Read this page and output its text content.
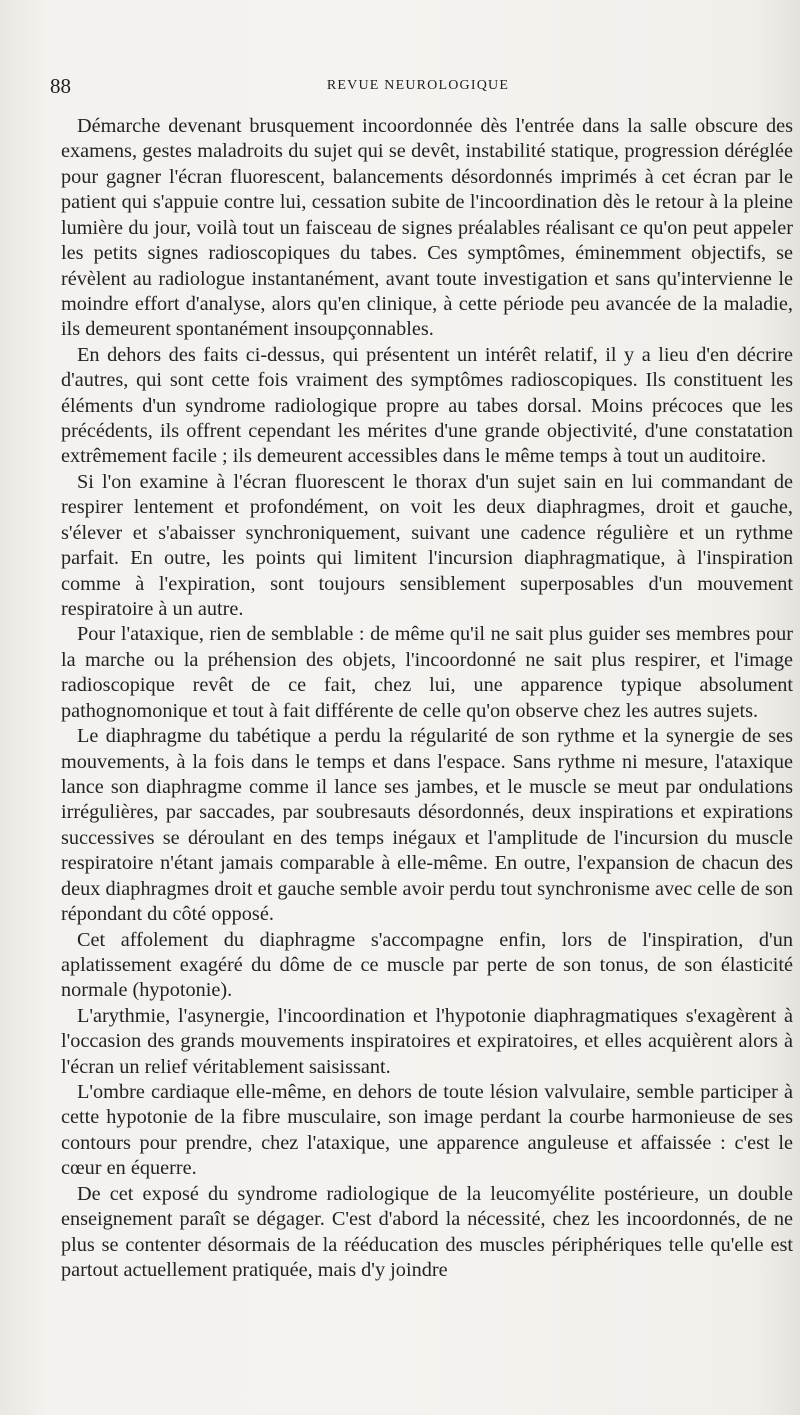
88	REVUE NEUROLOGIQUE

Démarche devenant brusquement incoordonnée dès l'entrée dans la salle obscure des examens, gestes maladroits du sujet qui se devêt, instabilité statique, progression déréglée pour gagner l'écran fluorescent, balancements désordonnés imprimés à cet écran par le patient qui s'appuie contre lui, cessation subite de l'incoordination dès le retour à la pleine lumière du jour, voilà tout un faisceau de signes préalables réalisant ce qu'on peut appeler les petits signes radioscopiques du tabes. Ces symptômes, éminemment objectifs, se révèlent au radiologue instantanément, avant toute investigation et sans qu'intervienne le moindre effort d'analyse, alors qu'en clinique, à cette période peu avancée de la maladie, ils demeurent spontanément insoupçonnables.

En dehors des faits ci-dessus, qui présentent un intérêt relatif, il y a lieu d'en décrire d'autres, qui sont cette fois vraiment des symptômes radioscopiques. Ils constituent les éléments d'un syndrome radiologique propre au tabes dorsal. Moins précoces que les précédents, ils offrent cependant les mérites d'une grande objectivité, d'une constatation extrêmement facile ; ils demeurent accessibles dans le même temps à tout un auditoire.

Si l'on examine à l'écran fluorescent le thorax d'un sujet sain en lui commandant de respirer lentement et profondément, on voit les deux diaphragmes, droit et gauche, s'élever et s'abaisser synchroniquement, suivant une cadence régulière et un rythme parfait. En outre, les points qui limitent l'incursion diaphragmatique, à l'inspiration comme à l'expiration, sont toujours sensiblement superposables d'un mouvement respiratoire à un autre.

Pour l'ataxique, rien de semblable : de même qu'il ne sait plus guider ses membres pour la marche ou la préhension des objets, l'incoordonné ne sait plus respirer, et l'image radioscopique revêt de ce fait, chez lui, une apparence typique absolument pathognomonique et tout à fait différente de celle qu'on observe chez les autres sujets.

Le diaphragme du tabétique a perdu la régularité de son rythme et la synergie de ses mouvements, à la fois dans le temps et dans l'espace. Sans rythme ni mesure, l'ataxique lance son diaphragme comme il lance ses jambes, et le muscle se meut par ondulations irrégulières, par saccades, par soubresauts désordonnés, deux inspirations et expirations successives se déroulant en des temps inégaux et l'amplitude de l'incursion du muscle respiratoire n'étant jamais comparable à elle-même. En outre, l'expansion de chacun des deux diaphragmes droit et gauche semble avoir perdu tout synchronisme avec celle de son répondant du côté opposé.

Cet affolement du diaphragme s'accompagne enfin, lors de l'inspiration, d'un aplatissement exagéré du dôme de ce muscle par perte de son tonus, de son élasticité normale (hypotonie).

L'arythmie, l'asynergie, l'incoordination et l'hypotonie diaphragmatiques s'exagèrent à l'occasion des grands mouvements inspiratoires et expiratoires, et elles acquièrent alors à l'écran un relief véritablement saisissant.

L'ombre cardiaque elle-même, en dehors de toute lésion valvulaire, semble participer à cette hypotonie de la fibre musculaire, son image perdant la courbe harmonieuse de ses contours pour prendre, chez l'ataxique, une apparence anguleuse et affaissée : c'est le cœur en équerre.

De cet exposé du syndrome radiologique de la leucomyélite postérieure, un double enseignement paraît se dégager. C'est d'abord la nécessité, chez les incoordonnés, de ne plus se contenter désormais de la rééducation des muscles périphériques telle qu'elle est partout actuellement pratiquée, mais d'y joindre
